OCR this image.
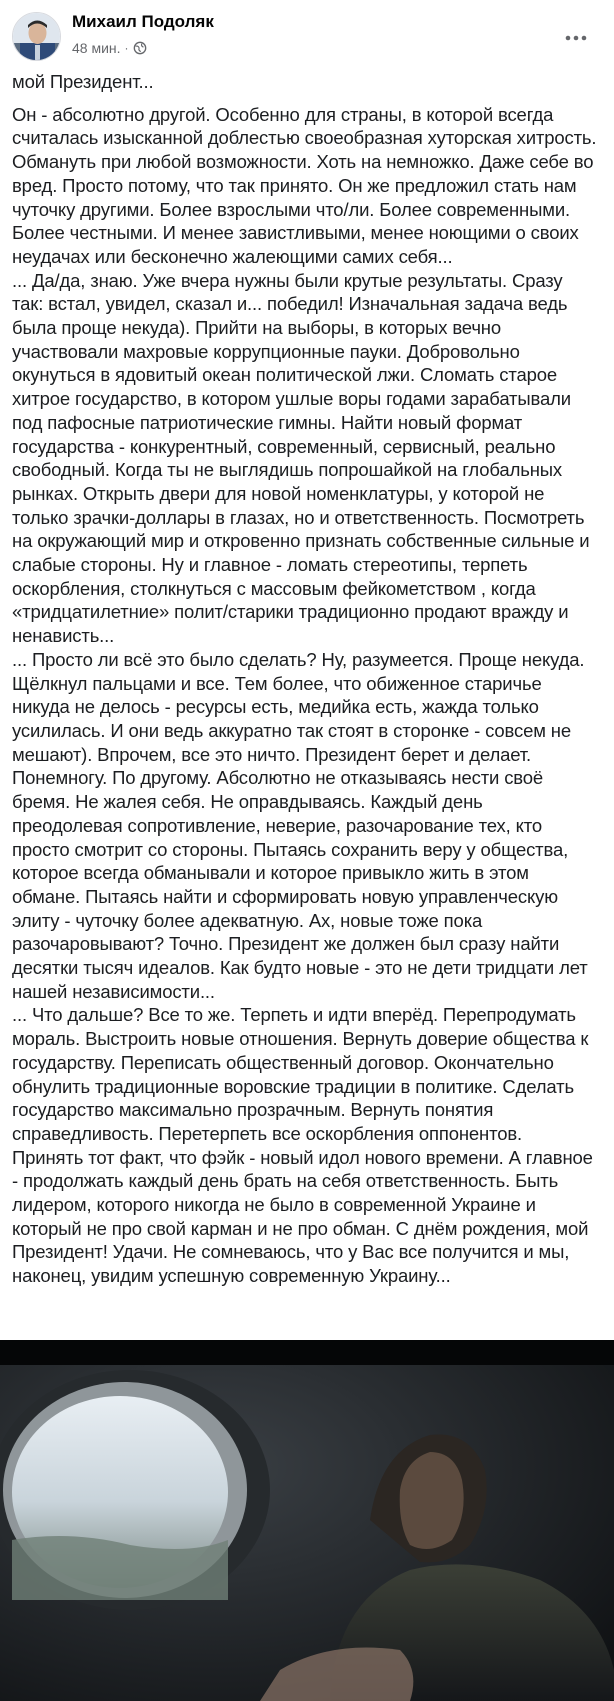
Михаил Подоляк
48 мин. ·

мой Президент...

Он - абсолютно другой. Особенно для страны, в которой всегда считалась изысканной доблестью своеобразная хуторская хитрость. Обмануть при любой возможности. Хоть на немножко. Даже себе во вред. Просто потому, что так принято. Он же предложил стать нам чуточку другими. Более взрослыми что/ли. Более современными. Более честными. И менее завистливыми, менее ноющими о своих неудачах или бесконечно жалеющими самих себя...

... Да/да, знаю. Уже вчера нужны были крутые результаты. Сразу так: встал, увидел, сказал и... победил! Изначальная задача ведь была проще некуда). Прийти на выборы, в которых вечно участвовали махровые коррупционные пауки. Добровольно окунуться в ядовитый океан политической лжи. Сломать старое хитрое государство, в котором ушлые воры годами зарабатывали под пафосные патриотические гимны. Найти новый формат государства - конкурентный, современный, сервисный, реально свободный. Когда ты не выглядишь попрошайкой на глобальных рынках. Открыть двери для новой номенклатуры, у которой не только зрачки-доллары в глазах, но и ответственность. Посмотреть на окружающий мир и откровенно признать собственные сильные и слабые стороны. Ну и главное - ломать стереотипы, терпеть оскорбления, столкнуться с массовым фейкометством , когда «тридцатилетние» полит/старики традиционно продают вражду и ненависть...

... Просто ли всё это было сделать? Ну, разумеется. Проще некуда. Щёлкнул пальцами и все. Тем более, что обиженное старичье никуда не делось - ресурсы есть, медийка есть, жажда только усилилась. И они ведь аккуратно так стоят в сторонке - совсем не мешают). Впрочем, все это ничто. Президент берет и делает. Понемногу. По другому. Абсолютно не отказываясь нести своё бремя. Не жалея себя. Не оправдываясь. Каждый день преодолевая сопротивление, неверие, разочарование тех, кто просто смотрит со стороны. Пытаясь сохранить веру у общества, которое всегда обманывали и которое привыкло жить в этом обмане. Пытаясь найти и сформировать новую управленческую элиту - чуточку более адекватную. Ах, новые тоже пока разочаровывают? Точно. Президент же должен был сразу найти десятки тысяч идеалов. Как будто новые - это не дети тридцати лет нашей независимости...

... Что дальше? Все то же. Терпеть и идти вперёд. Перепродумать мораль. Выстроить новые отношения. Вернуть доверие общества к государству. Переписать общественный договор. Окончательно обнулить традиционные воровские традиции в политике. Сделать государство максимально прозрачным. Вернуть понятия справедливость. Перетерпеть все оскорбления оппонентов. Принять тот факт, что фэйк - новый идол нового времени. А главное - продолжать каждый день брать на себя ответственность. Быть лидером, которого никогда не было в современной Украине и который не про свой карман и не про обман. С днём рождения, мой Президент! Удачи. Не сомневаюсь, что у Вас все получится и мы, наконец, увидим успешную современную Украину...
